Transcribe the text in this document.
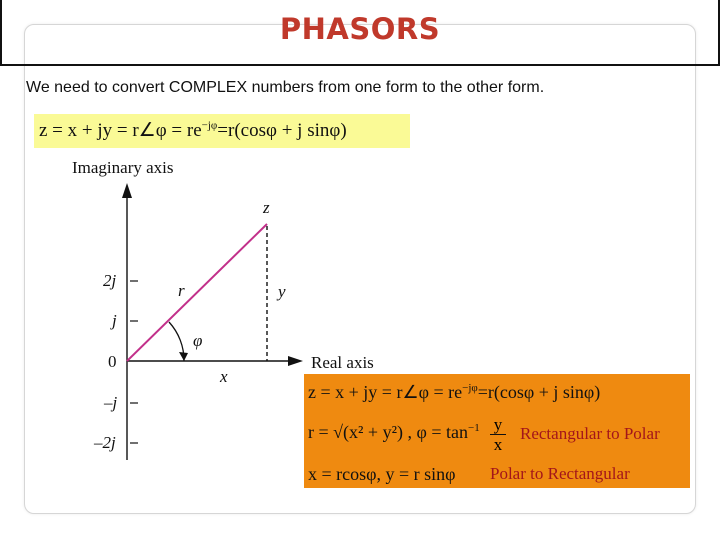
PHASORS
We need to convert COMPLEX numbers from one form to the other form.
z = x + jy = r∠φ = $re^{-j\varphi}=r(\cos\varphi + j$ sinφ)
Imaginary axis
Real axis
z
r	y
x
φ
2j
j
0
–j
–2j
z = x + jy = r∠φ = $re^{-j\varphi}=r(\cos\varphi + j$ sinφ)
r = √(x² + y²) , $\varphi = \tan^{-1} \frac{y}{x}$ Rectangular to Polar
x = rcosφ, y = r sinφ Polar to Rectangular
